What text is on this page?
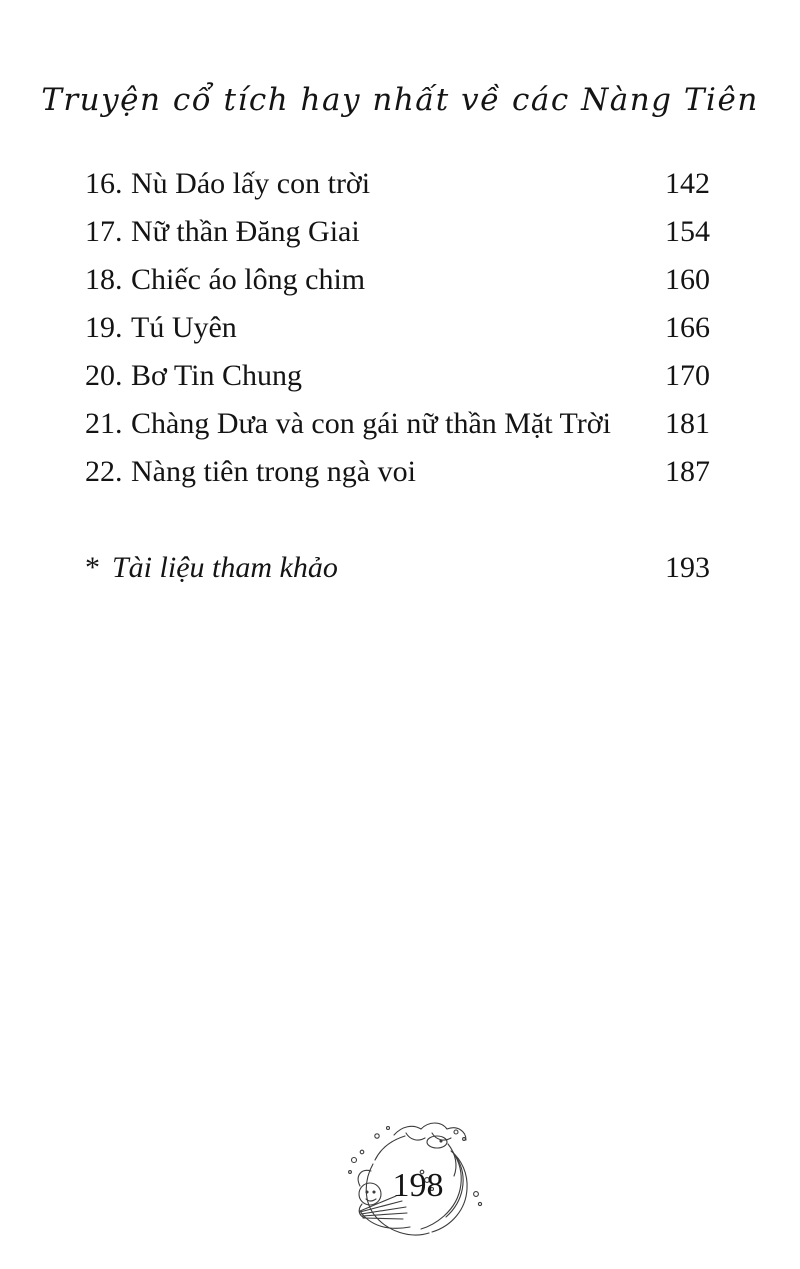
Truyện cổ tích hay nhất về các Nàng Tiên
16. Nù Dáo lấy con trời	142
17. Nữ thần Đăng Giai	154
18. Chiếc áo lông chim	160
19. Tú Uyên	166
20. Bơ Tin Chung	170
21. Chàng Dưa và con gái nữ thần Mặt Trời	181
22. Nàng tiên trong ngà voi	187
* Tài liệu tham khảo	193
198
